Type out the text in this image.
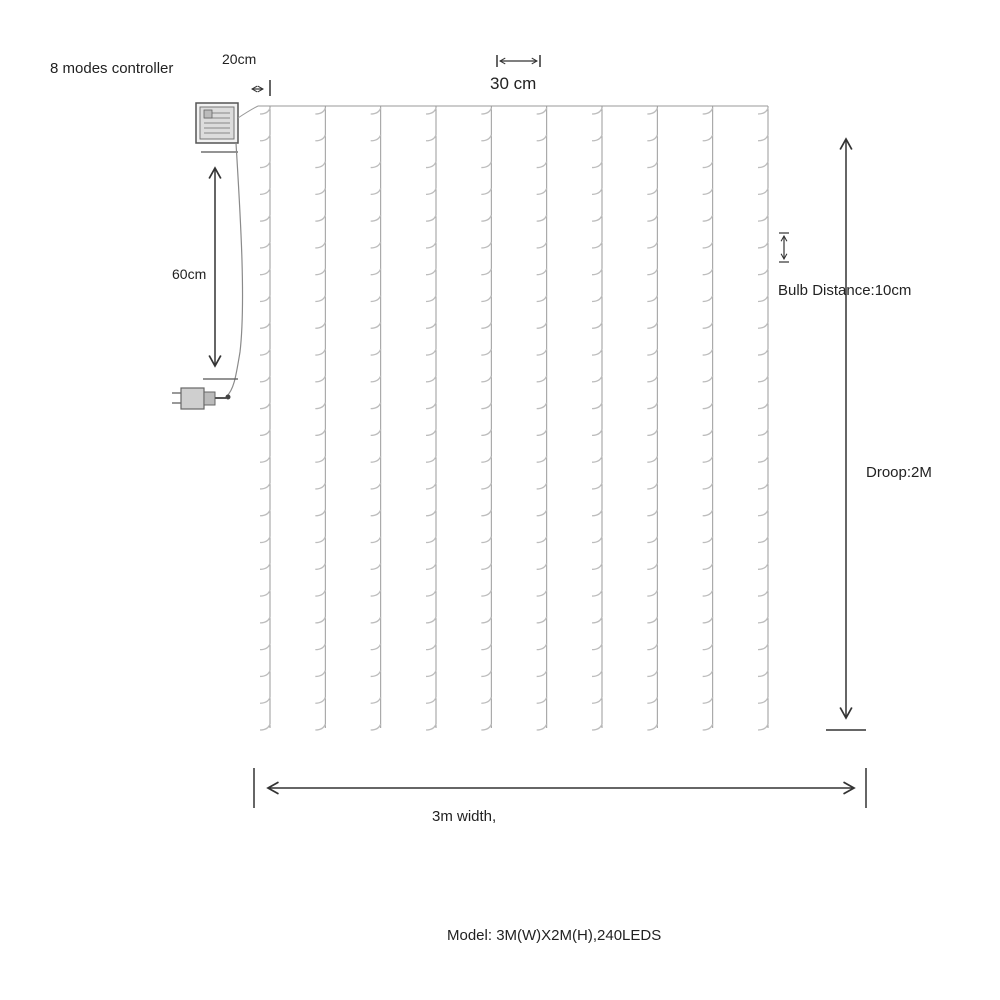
8 modes controller
20cm
30 cm
60cm
Bulb Distance:10cm
Droop:2M
3m width,
Model: 3M(W)X2M(H),240LEDS
